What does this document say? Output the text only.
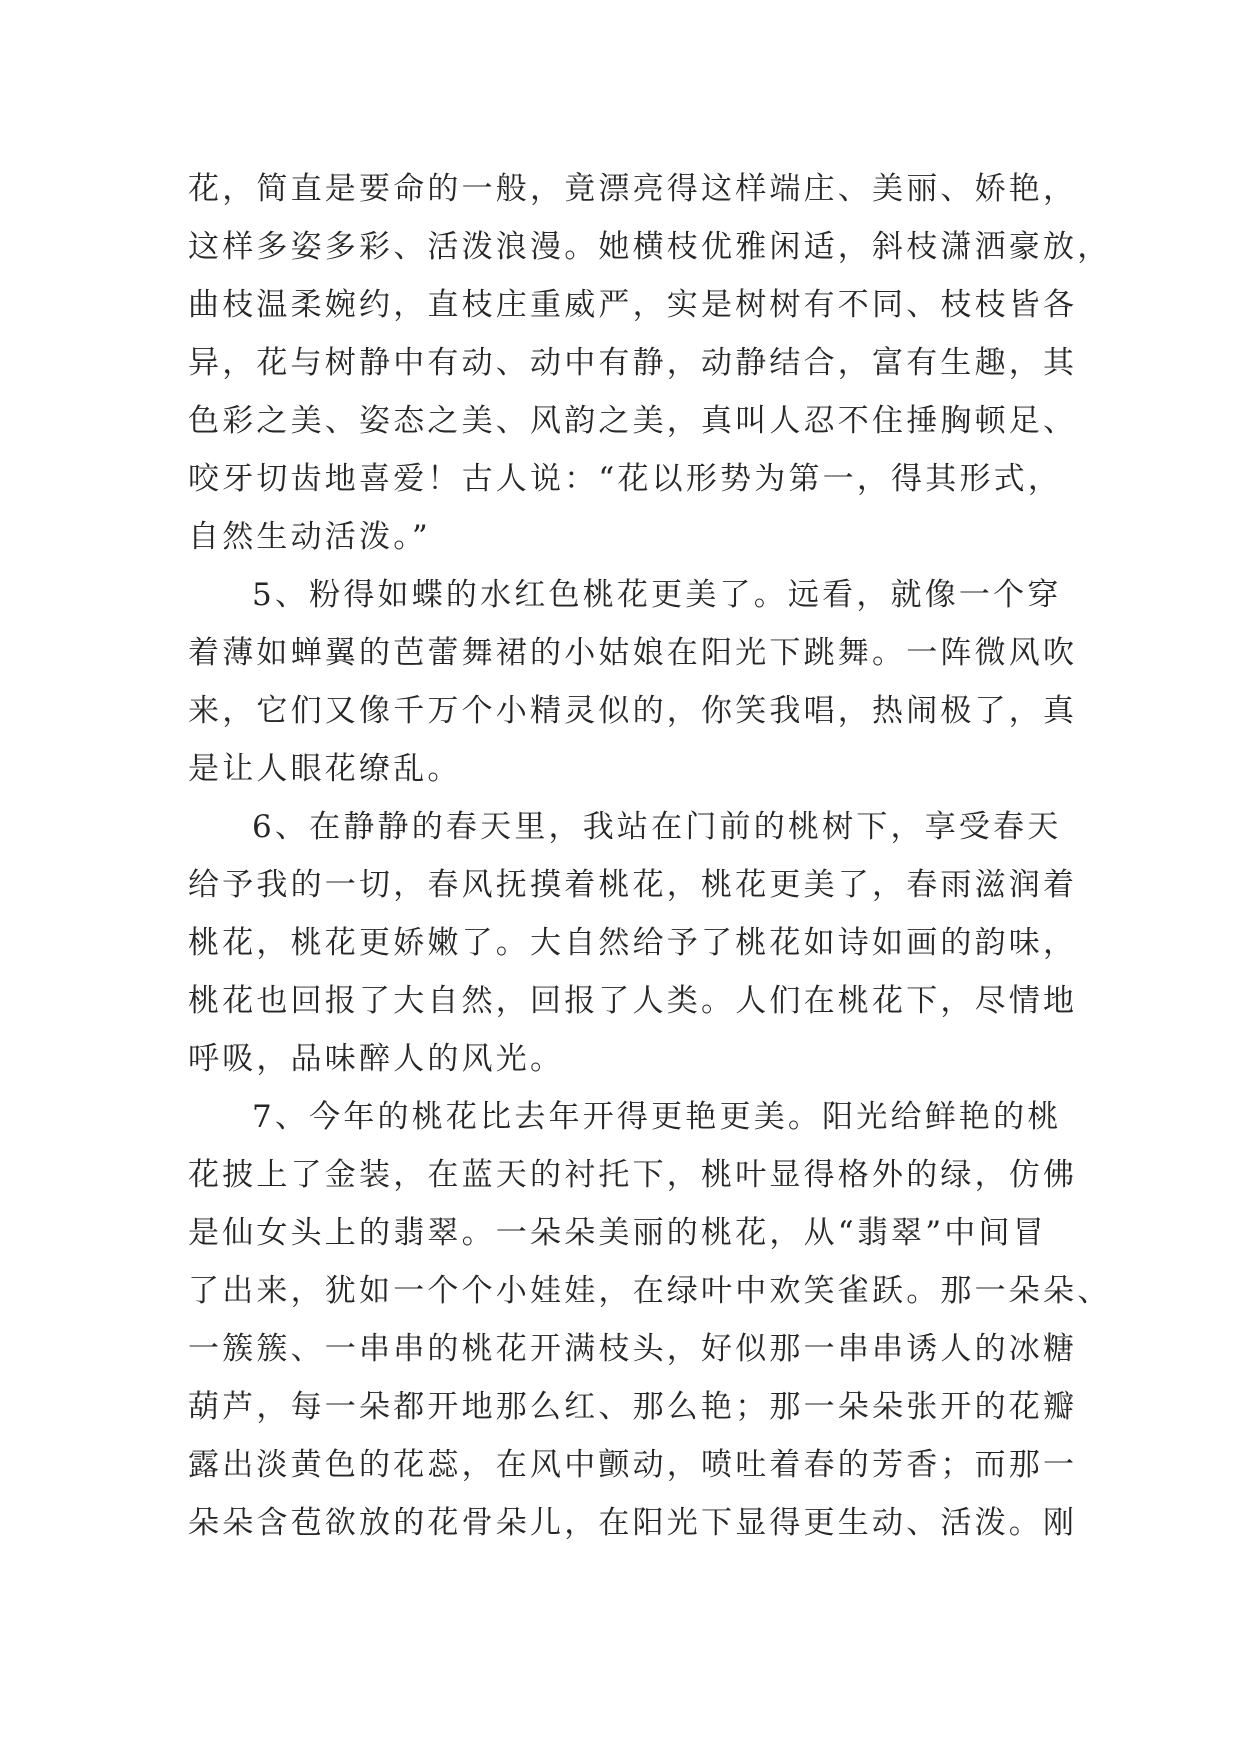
花，简直是要命的一般，竟漂亮得这样端庄、美丽、娇艳，
这样多姿多彩、活泼浪漫。她横枝优雅闲适，斜枝潇洒豪放，
曲枝温柔婉约，直枝庄重威严，实是树树有不同、枝枝皆各
异，花与树静中有动、动中有静，动静结合，富有生趣，其
色彩之美、姿态之美、风韵之美，真叫人忍不住捶胸顿足、
咬牙切齿地喜爱！古人说：“花以形势为第一，得其形式，
自然生动活泼。”
5、粉得如蝶的水红色桃花更美了。远看，就像一个穿
着薄如蝉翼的芭蕾舞裙的小姑娘在阳光下跳舞。一阵微风吹
来，它们又像千万个小精灵似的，你笑我唱，热闹极了，真
是让人眼花缭乱。
6、在静静的春天里，我站在门前的桃树下，享受春天
给予我的一切，春风抚摸着桃花，桃花更美了，春雨滋润着
桃花，桃花更娇嫩了。大自然给予了桃花如诗如画的韵味，
桃花也回报了大自然，回报了人类。人们在桃花下，尽情地
呼吸，品味醉人的风光。
7、今年的桃花比去年开得更艳更美。阳光给鲜艳的桃
花披上了金装，在蓝天的衬托下，桃叶显得格外的绿，仿佛
是仙女头上的翡翠。一朵朵美丽的桃花，从“翡翠”中间冒
了出来，犹如一个个小娃娃，在绿叶中欢笑雀跃。那一朵朵、
一簇簇、一串串的桃花开满枝头，好似那一串串诱人的冰糖
葫芦，每一朵都开地那么红、那么艳；那一朵朵张开的花瓣
露出淡黄色的花蕊，在风中颤动，喷吐着春的芳香；而那一
朵朵含苞欲放的花骨朵儿，在阳光下显得更生动、活泼。刚
